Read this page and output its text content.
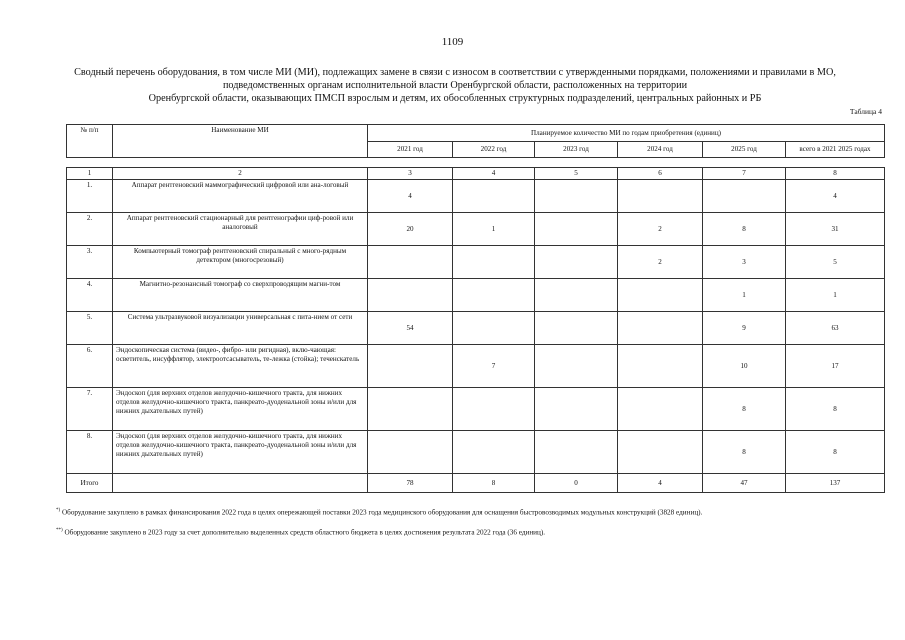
1109
Сводный перечень оборудования, в том числе МИ (МИ), подлежащих замене в связи с износом в соответствии с утвержденными порядками, положениями и правилами в МО,
подведомственных органам исполнительной власти Оренбургской области, расположенных на территории
Оренбургской области, оказывающих ПМСП взрослым и детям, их обособленных структурных подразделений, центральных районных и РБ
Таблица 4
№ п/п	Наименование МИ	Планируемое количество МИ по годам приобретения (единиц)					
		2021 год	2022 год	2023 год	2024 год	2025 год	всего в 2021 2025 годах

1	2	3	4	5	6	7	8
1.	Аппарат рентгеновский маммографический цифровой или ана-логовый	4					4
2.	Аппарат рентгеновский стационарный для рентгенографии циф-ровой или аналоговый	20	1		2	8	31
3.	Компьютерный томограф рентгеновский спиральный с много-рядным детектором (многосрезовый)				2	3	5
4.	Магнитно-резонансный томограф со сверхпроводящим магни-том					1	1
5.	Система ультразвуковой визуализации универсальная с пита-нием от сети	54				9	63
6.	Эндоскопическая система (видео-, фибро- или ригидная), вклю-чающая: осветитель, инсуффлятор, электроотсасыватель, те-лежка (стойка); теченскатель		7			10	17
7.	Эндоскоп (для верхних отделов желудочно-кишечного тракта, для нижних отделов желудочно-кишечного тракта, панкреато-дуоденальной зоны и/или для нижних дыхательных путей)					8	8
8.	Эндоскоп (для верхних отделов желудочно-кишечного тракта, для нижних отделов желудочно-кишечного тракта, панкреато-дуоденальной зоны и/или для нижних дыхательных путей)					8	8
Итого		78	8	0	4	47	137
*) Оборудование закуплено в рамках финансирования 2022 года в целях опережающей поставки 2023 года медицинского оборудования для оснащения быстровозводимых модульных конструкций (3828 единиц).
**) Оборудование закуплено в 2023 году за счет дополнительно выделенных средств областного бюджета в целях достижения результата 2022 года (36 единиц).
